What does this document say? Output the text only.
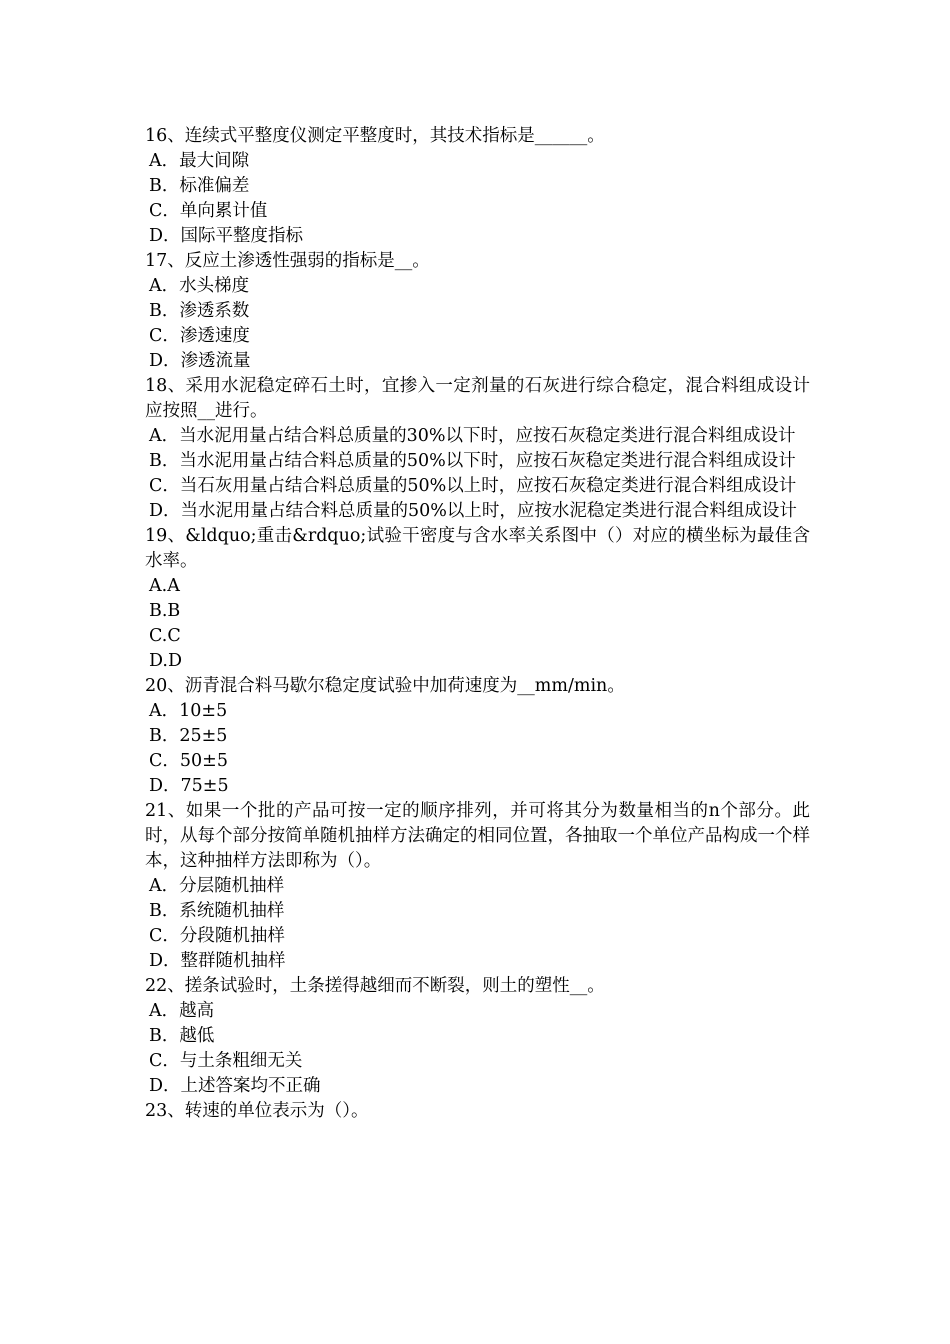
16、连续式平整度仪测定平整度时，其技术指标是______。
A．最大间隙
B．标准偏差
C．单向累计值
D．国际平整度指标
17、反应土渗透性强弱的指标是__。
A．水头梯度
B．渗透系数
C．渗透速度
D．渗透流量
18、采用水泥稳定碎石土时，宜掺入一定剂量的石灰进行综合稳定，混合料组成设计应按照__进行。
A．当水泥用量占结合料总质量的30%以下时，应按石灰稳定类进行混合料组成设计
B．当水泥用量占结合料总质量的50%以下时，应按石灰稳定类进行混合料组成设计
C．当石灰用量占结合料总质量的50%以上时，应按石灰稳定类进行混合料组成设计
D．当水泥用量占结合料总质量的50%以上时，应按水泥稳定类进行混合料组成设计
19、&ldquo;重击&rdquo;试验干密度与含水率关系图中（）对应的横坐标为最佳含水率。
A.A
B.B
C.C
D.D
20、沥青混合料马歇尔稳定度试验中加荷速度为__mm/min。
A．10±5
B．25±5
C．50±5
D．75±5
21、如果一个批的产品可按一定的顺序排列，并可将其分为数量相当的n个部分。此时，从每个部分按简单随机抽样方法确定的相同位置，各抽取一个单位产品构成一个样本，这种抽样方法即称为（）。
A．分层随机抽样
B．系统随机抽样
C．分段随机抽样
D．整群随机抽样
22、搓条试验时，土条搓得越细而不断裂，则土的塑性__。
A．越高
B．越低
C．与土条粗细无关
D．上述答案均不正确
23、转速的单位表示为（）。
